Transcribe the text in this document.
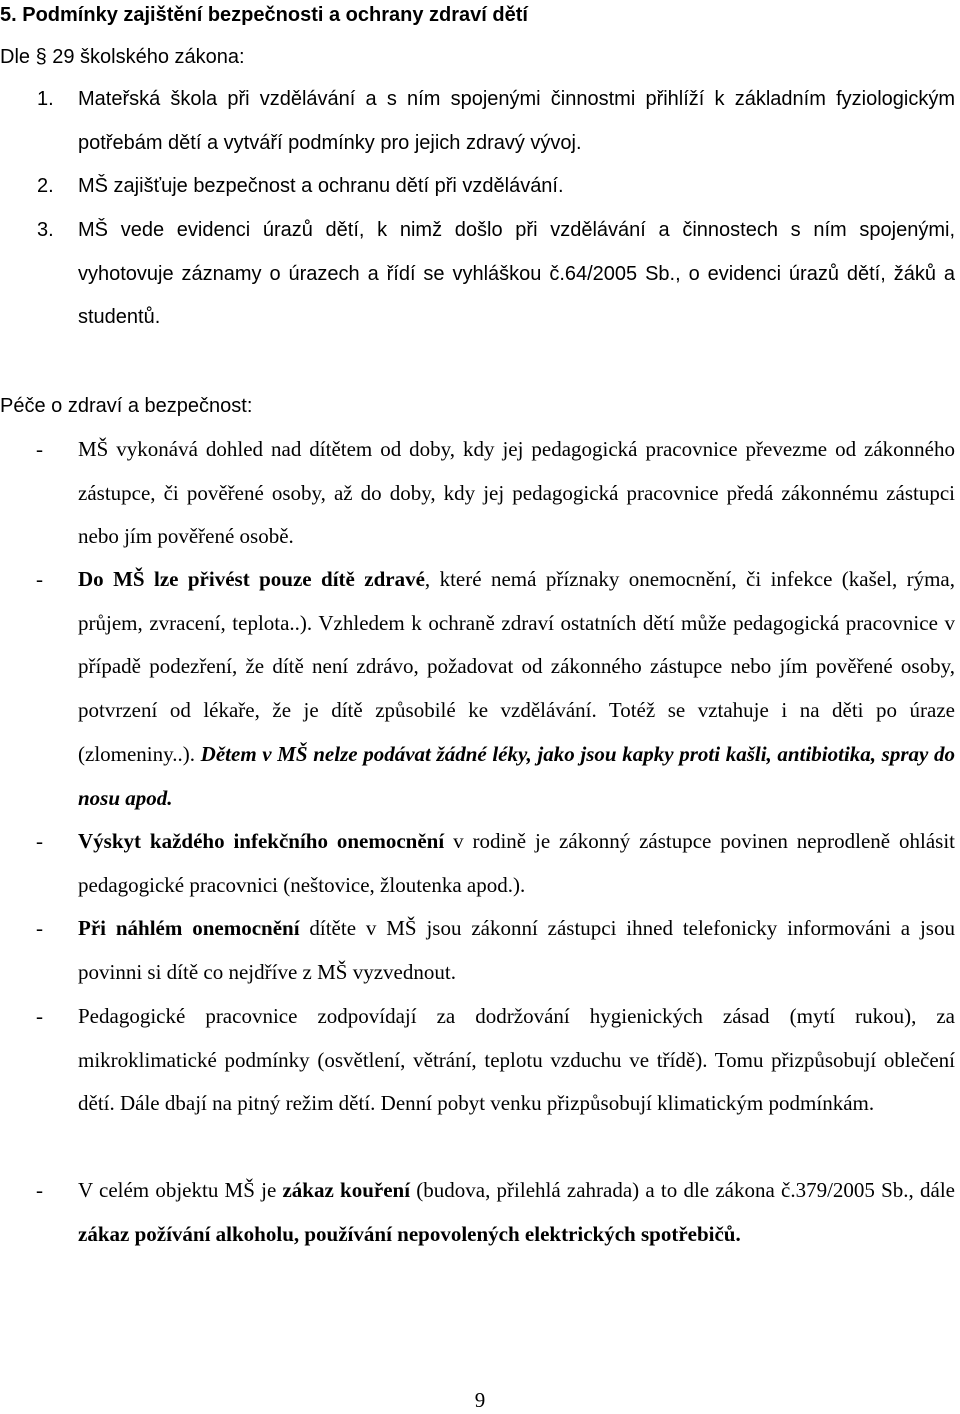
5. Podmínky zajištění bezpečnosti a ochrany zdraví dětí
Dle § 29 školského zákona:
1. Mateřská škola při vzdělávání a s ním spojenými činnostmi přihlíží k základním fyziologickým potřebám dětí a vytváří podmínky pro jejich zdravý vývoj.
2. MŠ zajišťuje bezpečnost a ochranu dětí při vzdělávání.
3. MŠ vede evidenci úrazů dětí, k nimž došlo při vzdělávání a činnostech s ním spojenými, vyhotovuje záznamy o úrazech a řídí se vyhláškou č.64/2005 Sb., o evidenci úrazů dětí, žáků a studentů.
Péče o zdraví a bezpečnost:
- MŠ vykonává dohled nad dítětem od doby, kdy jej pedagogická pracovnice převezme od zákonného zástupce, či pověřené osoby, až do doby, kdy jej pedagogická pracovnice předá zákonnému zástupci nebo jím pověřené osobě.
- Do MŠ lze přivést pouze dítě zdravé, které nemá příznaky onemocnění, či infekce (kašel, rýma, průjem, zvracení, teplota..). Vzhledem k ochraně zdraví ostatních dětí může pedagogická pracovnice v případě podezření, že dítě není zdrávo, požadovat od zákonného zástupce nebo jím pověřené osoby, potvrzení od lékaře, že je dítě způsobilé ke vzdělávání. Totéž se vztahuje i na děti po úraze (zlomeniny..). Dětem v MŠ nelze podávat žádné léky, jako jsou kapky proti kašli, antibiotika, spray do nosu apod.
- Výskyt každého infekčního onemocnění v rodině je zákonný zástupce povinen neprodleně ohlásit pedagogické pracovnici (neštovice, žloutenka apod.).
- Při náhlém onemocnění dítěte v MŠ jsou zákonní zástupci ihned telefonicky informováni a jsou povinni si dítě co nejdříve z MŠ vyzvednout.
- Pedagogické pracovnice zodpovídají za dodržování hygienických zásad (mytí rukou), za mikroklimatické podmínky (osvětlení, větrání, teplotu vzduchu ve třídě). Tomu přizpůsobují oblečení dětí. Dále dbají na pitný režim dětí. Denní pobyt venku přizpůsobují klimatickým podmínkám.
- V celém objektu MŠ je zákaz kouření (budova, přilehlá zahrada) a to dle zákona č.379/2005 Sb., dále zákaz požívání alkoholu, používání nepovolených elektrických spotřebičů.
9
